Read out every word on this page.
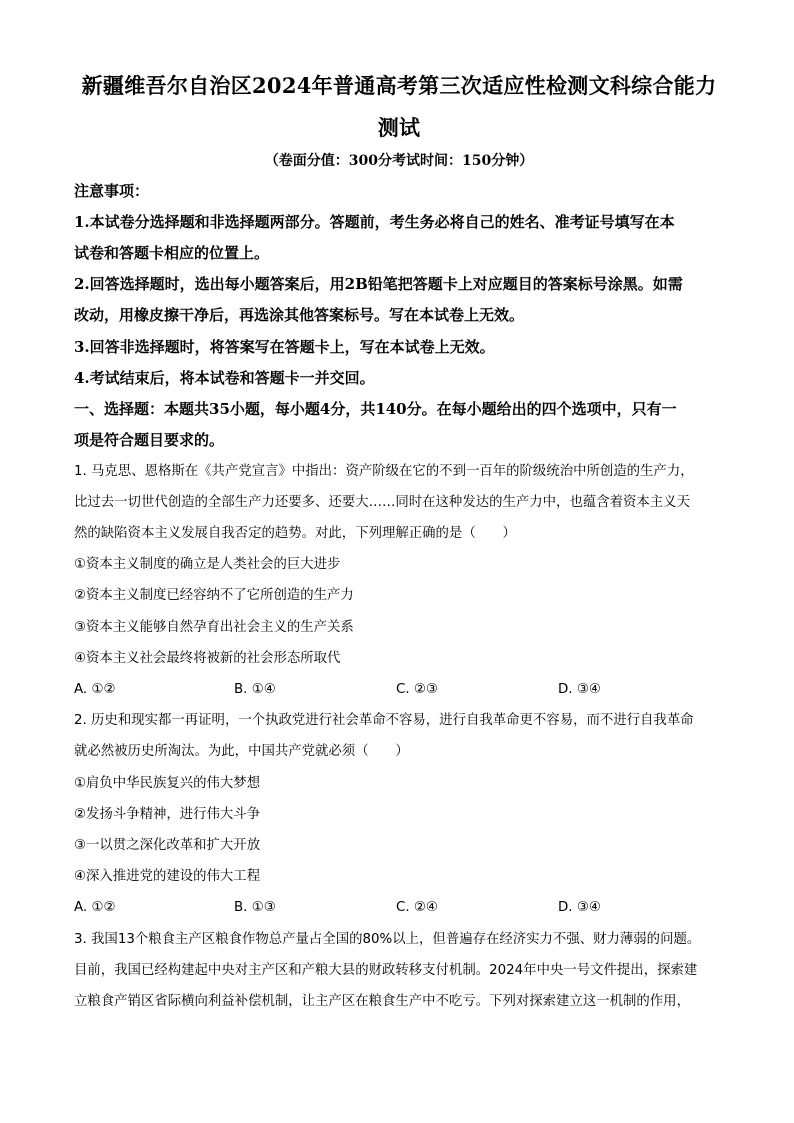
新疆维吾尔自治区2024年普通高考第三次适应性检测文科综合能力
测试
（卷面分值：300分考试时间：150分钟）
注意事项：
1.本试卷分选择题和非选择题两部分。答题前，考生务必将自己的姓名、准考证号填写在本
试卷和答题卡相应的位置上。
2.回答选择题时，选出每小题答案后，用2B铅笔把答题卡上对应题目的答案标号涂黑。如需
改动，用橡皮擦干净后，再选涂其他答案标号。写在本试卷上无效。
3.回答非选择题时，将答案写在答题卡上，写在本试卷上无效。
4.考试结束后，将本试卷和答题卡一并交回。
一、选择题：本题共35小题，每小题4分，共140分。在每小题给出的四个选项中，只有一
项是符合题目要求的。
1. 马克思、恩格斯在《共产党宣言》中指出：资产阶级在它的不到一百年的阶级统治中所创造的生产力，
比过去一切世代创造的全部生产力还要多、还要大……同时在这种发达的生产力中，也蕴含着资本主义天
然的缺陷资本主义发展自我否定的趋势。对此，下列理解正确的是（　　）
①资本主义制度的确立是人类社会的巨大进步
②资本主义制度已经容纳不了它所创造的生产力
③资本主义能够自然孕育出社会主义的生产关系
④资本主义社会最终将被新的社会形态所取代
A. ①②	B. ①④	C. ②③	D. ③④
2. 历史和现实都一再证明，一个执政党进行社会革命不容易，进行自我革命更不容易，而不进行自我革命
就必然被历史所淘汰。为此，中国共产党就必须（　　）
①肩负中华民族复兴的伟大梦想
②发扬斗争精神，进行伟大斗争
③一以贯之深化改革和扩大开放
④深入推进党的建设的伟大工程
A. ①②	B. ①③	C. ②④	D. ③④
3. 我国13个粮食主产区粮食作物总产量占全国的80%以上，但普遍存在经济实力不强、财力薄弱的问题。
目前，我国已经构建起中央对主产区和产粮大县的财政转移支付机制。2024年中央一号文件提出，探索建
立粮食产销区省际横向利益补偿机制，让主产区在粮食生产中不吃亏。下列对探索建立这一机制的作用，
